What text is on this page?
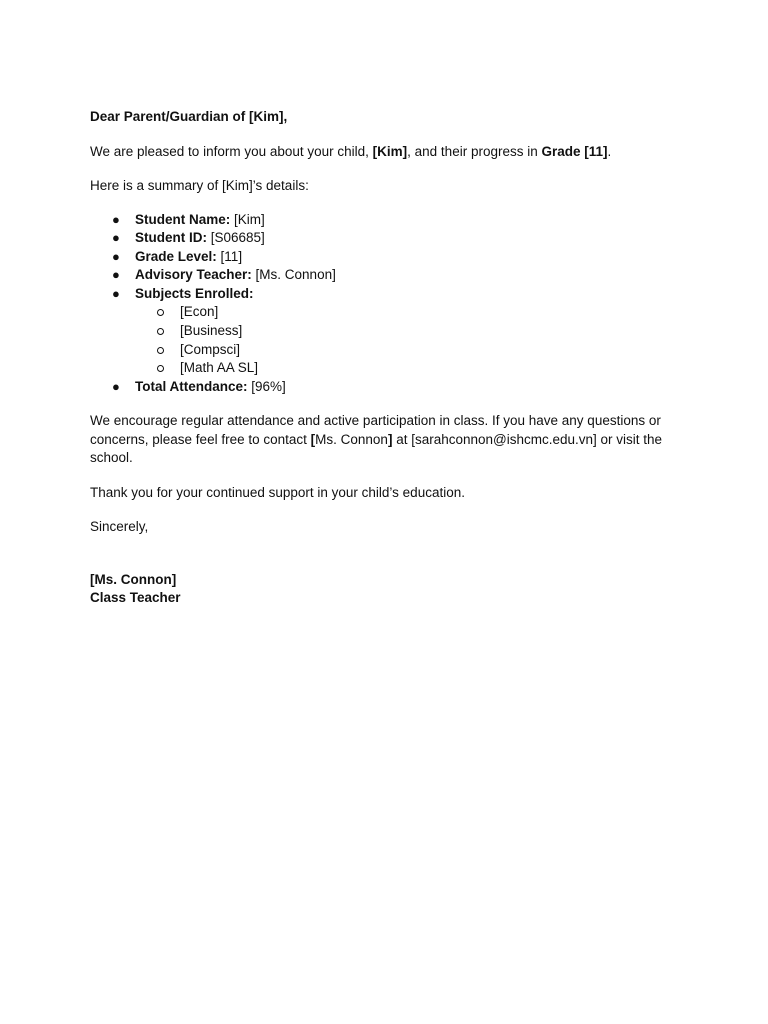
Dear Parent/Guardian of [Kim],

We are pleased to inform you about your child, [Kim], and their progress in Grade [11].

Here is a summary of [Kim]’s details:

● Student Name: [Kim]
● Student ID: [S06685]
● Grade Level: [11]
● Advisory Teacher: [Ms. Connon]
● Subjects Enrolled:
[Econ]
[Business]
[Compsci]
[Math AA SL]
● Total Attendance: [96%]

We encourage regular attendance and active participation in class. If you have any questions or concerns, please feel free to contact [Ms. Connon] at [sarahconnon@ishcmc.edu.vn] or visit the school.

Thank you for your continued support in your child’s education.

Sincerely,

[Ms. Connon]
Class Teacher
